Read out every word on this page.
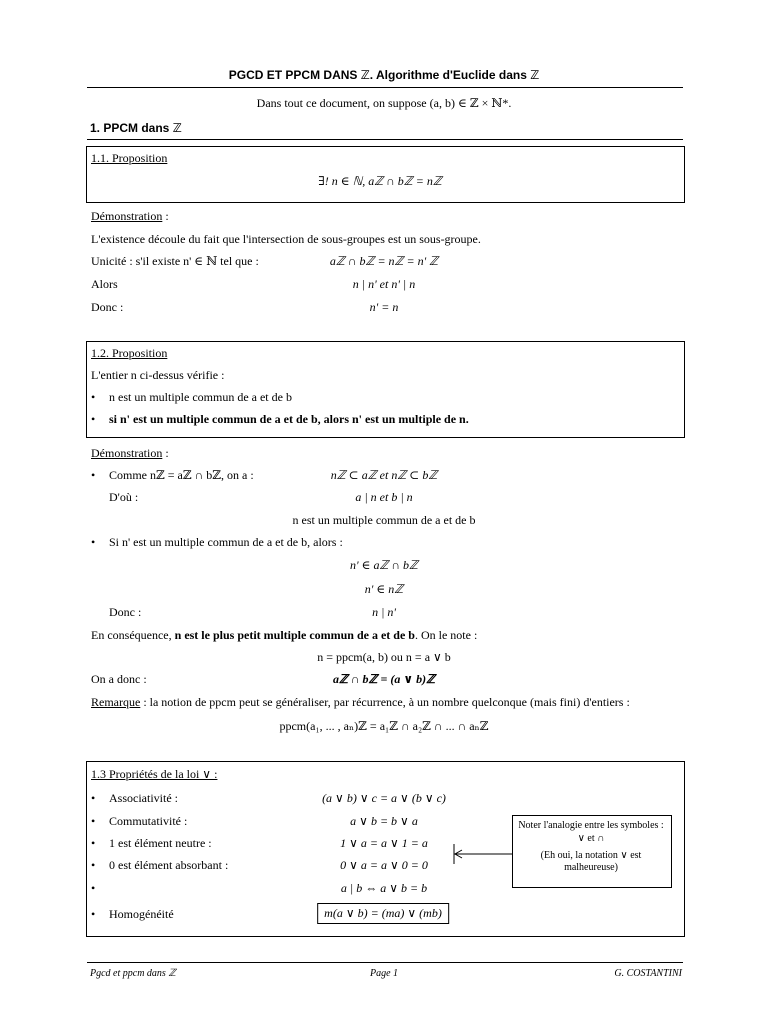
PGCD ET PPCM DANS ℤ. Algorithme d'Euclide dans ℤ
Dans tout ce document, on suppose (a, b) ∈ ℤ × ℕ*.
1. PPCM dans ℤ
1.1. Proposition
∃! n ∈ ℕ, aℤ ∩ bℤ = nℤ
Démonstration :
L'existence découle du fait que l'intersection de sous-groupes est un sous-groupe.
Unicité : s'il existe n' ∈ ℕ tel que :	aℤ ∩ bℤ = nℤ = n' ℤ
Alors	n | n' et n' | n
Donc :	n' = n
1.2. Proposition
L'entier n ci-dessus vérifie :
• n est un multiple commun de a et de b
• si n' est un multiple commun de a et de b, alors n' est un multiple de n.
Démonstration :
• Comme nℤ = aℤ ∩ bℤ, on a :	nℤ ⊂ aℤ et nℤ ⊂ bℤ
D'où :	a | n et b | n
n est un multiple commun de a et de b
• Si n' est un multiple commun de a et de b, alors :
n' ∈ aℤ ∩ bℤ
n' ∈ nℤ
Donc :	n | n'
En conséquence, n est le plus petit multiple commun de a et de b. On le note :
n = ppcm(a, b) ou n = a ∨ b
On a donc :	aℤ ∩ bℤ = (a ∨ b)ℤ
Remarque : la notion de ppcm peut se généraliser, par récurrence, à un nombre quelconque (mais fini) d'entiers :
ppcm(a₁, ... , aₙ)ℤ = a₁ℤ ∩ a₂ℤ ∩ ... ∩ aₙℤ
1.3 Propriétés de la loi ∨ :
• Associativité :	(a ∨ b) ∨ c = a ∨ (b ∨ c)
• Commutativité :	a ∨ b = b ∨ a
• 1 est élément neutre :	1 ∨ a = a ∨ 1 = a
• 0 est élément absorbant :	0 ∨ a = a ∨ 0 = 0
•	a | b ⇔ a ∨ b = b
• Homogénéité	m(a ∨ b) = (ma) ∨ (mb)
Noter l'analogie entre les symboles :
∨ et ∩
(Eh oui, la notation ∨ est
malheureuse)
Pgcd et ppcm dans ℤ	Page 1	G. COSTANTINI
